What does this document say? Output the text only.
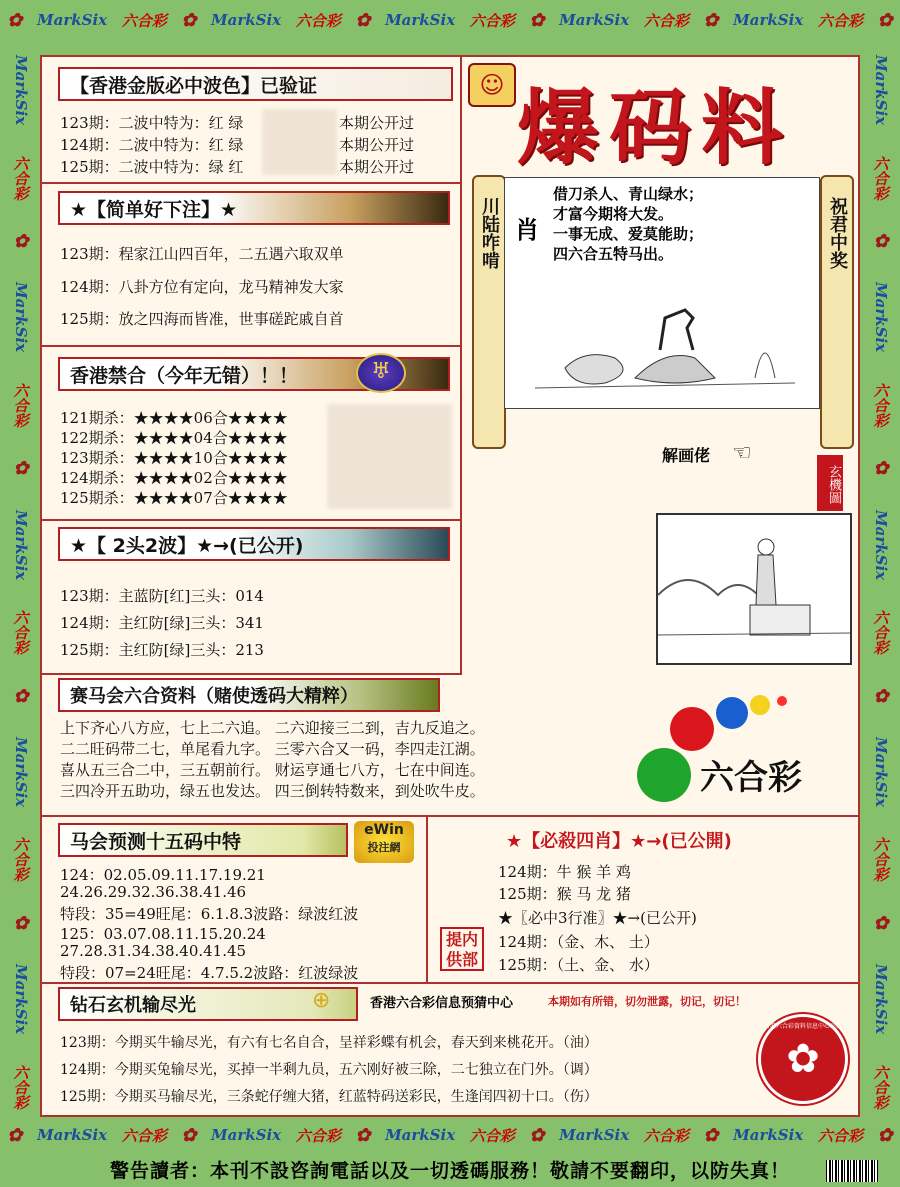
✿ MarkSix 六合彩 ✿ MarkSix 六合彩 ✿ MarkSix 六合彩 ✿ MarkSix 六合彩 ✿ MarkSix 六合彩 ✿
✿ MarkSix 六合彩 ✿ MarkSix 六合彩 ✿ MarkSix 六合彩 ✿ MarkSix 六合彩 ✿ MarkSix 六合彩 ✿
MarkSix
六合彩
✿
MarkSix
六合彩
✿
MarkSix
六合彩
✿
MarkSix
六合彩
✿
MarkSix
六合彩
MarkSix
六合彩
✿
MarkSix
六合彩
✿
MarkSix
六合彩
✿
MarkSix
六合彩
✿
MarkSix
六合彩
【香港金版必中波色】已验证
123期：二波中特为：红 绿	本期公开过
124期：二波中特为：红 绿	本期公开过
125期：二波中特为：绿 红	本期公开过
★【简单好下注】★
123期：程家江山四百年，二五遇六取双单
124期：八卦方位有定向，龙马精神发大家
125期：放之四海而皆准，世事磋跎戚自首
香港禁合（今年无错）！！	♅
121期杀：★★★★06合★★★★
122期杀：★★★★04合★★★★
123期杀：★★★★10合★★★★
124期杀：★★★★02合★★★★
125期杀：★★★★07合★★★★
★【 2头2波】★→(已公开)
123期：主蓝防[红]三头：014
124期：主红防[绿]三头：341
125期：主红防[绿]三头：213
☺ 爆码料
川陆咋啃	祝君中奖
肖
借刀杀人、青山绿水；
才富今期将大发。
一事无成、爱莫能助；
四六合五特马出。
解画佬 ☜
玄機圖
赛马会六合资料（赌使透码大精粹）
上下齐心八方应，七上二六追。 二六迎接三二到，吉九反追之。
二二旺码带二七，单尾看九字。 三零六合又一码，李四走江湖。
喜从五三合二中，三五朝前行。 财运亨通七八方，七在中间连。
三四冷开五助功，绿五也发达。 四三倒转特数来，到处吹牛皮。	六合彩
马会预测十五码中特
eWin
投注網
124：02.05.09.11.17.19.21
24.26.29.32.36.38.41.46
特段：35=49旺尾：6.1.8.3波路：绿波红波
125：03.07.08.11.15.20.24
27.28.31.34.38.40.41.45
特段：07=24旺尾：4.7.5.2波路：红波绿波
★【必殺四肖】★→(已公開)
124期：牛 猴 羊 鸡
125期：猴 马 龙 猪
★〖必中3行准〗★→(已公开)
124期：（金、木、 土）
125期：（土、金、 水）
提内供部
钻石玄机输尽光	⊕	香港六合彩信息预猜中心	本期如有所错，切勿泄露，切记，切记！
123期：今期买牛输尽光，有六有七名自合，呈祥彩蝶有机会，春天到来桃花开。（油）
124期：今期买兔输尽光，买掉一半剩九员，五六刚好被三除，二七独立在门外。（调）
125期：今期买马输尽光，三条蛇仔缠大猪，红蓝特码送彩民，生逢闰四初十口。（伤）
香港六合彩資料信息中心出版
✿
警告讀者：本刊不設咨詢電話以及一切透碼服務！敬請不要翻印，以防失真！
